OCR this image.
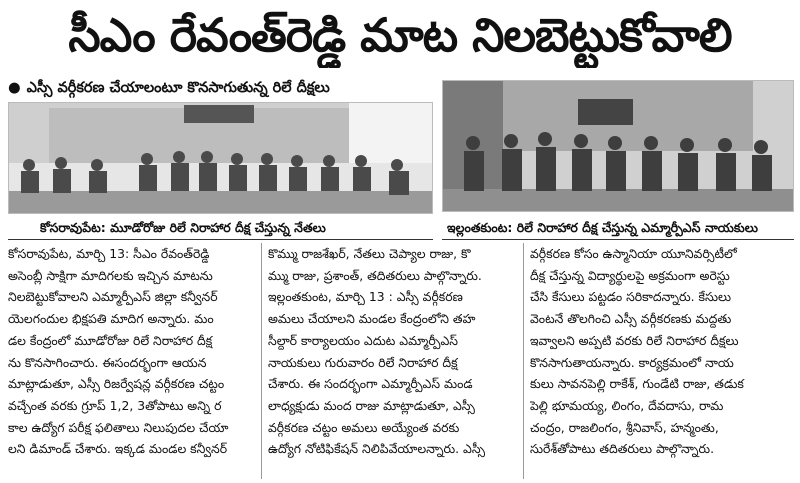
సీఎం రేవంత్‌రెడ్డి మాట నిలబెట్టుకోవాలి
● ఎస్సీ వర్గీకరణ చేయాలంటూ కొనసాగుతున్న రిలే దీక్షలు
కోసరావుపేట: మూడోరోజు రిలే నిరాహార దీక్ష చేస్తున్న నేతలు	ఇల్లంతకుంట: రిలే నిరాహార దీక్ష చేస్తున్న ఎమ్మార్పీఎస్‌ నాయకులు
కోసరావుపేట, మార్చి 13: సీఎం రేవంత్‌రెడ్డి
అసెంబ్లీ సాక్షిగా మాదిగలకు ఇచ్చిన మాటను
నిలబెట్టుకోవాలని ఎమ్మార్పీఎస్‌ జిల్లా కన్వీనర్‌
యెలగందుల భిక్షపతి మాదిగ అన్నారు. మం
డల కేంద్రంలో మూడోరోజు రిలే నిరాహార దీక్ష
ను కొనసాగించారు. ఈసందర్భంగా ఆయన
మాట్లాడుతూ, ఎస్సీ రిజర్వేషన్ల వర్గీకరణ చట్టం
వచ్చేంత వరకు గ్రూప్‌ 1,2, 3తోపాటు అన్ని ర
కాల ఉద్యోగ పరీక్ష ఫలితాలు నిలుపుదల చేయా
లని డిమాండ్‌ చేశారు. ఇక్కడ మండల కన్వీనర్‌
కొమ్ము రాజశేఖర్‌, నేతలు చెప్యాల రాజు, కొ
మ్ము రాజు, ప్రశాంత్‌, తదితరులు పాల్గొన్నారు.
ఇల్లంతకుంట, మార్చి 13 : ఎస్సీ వర్గీకరణ
అమలు చేయాలని మండల కేంద్రంలోని తహ
సీల్దార్‌ కార్యాలయం ఎదుట ఎమ్మార్పీఎస్‌
నాయకులు గురువారం రిలే నిరాహార దీక్ష
చేశారు. ఈ సందర్భంగా ఎమ్మార్పీఎస్‌ మండ
లాధ్యక్షుడు మంద రాజు మాట్లాడుతూ, ఎస్సీ
వర్గీకరణ చట్టం అమలు అయ్యేంత వరకు
ఉద్యోగ నోటిఫికేషన్‌ నిలిపివేయాలన్నారు. ఎస్సీ
వర్గీకరణ కోసం ఉస్మానియా యూనివర్సిటీలో
దీక్ష చేస్తున్న విద్యార్థులపై అక్రమంగా అరెస్టు
చేసి కేసులు పట్టడం సరికాదన్నారు. కేసులు
వెంటనే తొలగించి ఎస్సీ వర్గీకరణకు మద్దతు
ఇవ్వాలని అప్పటి వరకు రిలే నిరాహార దీక్షలు
కొనసాగుతాయన్నారు. కార్యక్రమంలో నాయ
కులు సావనపెల్లి రాకేశ్‌, గుండేటి రాజు, తడుక
పెల్లి భూమయ్య, లింగం, దేవదాసు, రామ
చంద్రం, రాజలింగం, శ్రీనివాస్‌, హన్మంతు,
సురేశ్‌తోపాటు తదితరులు పాల్గొన్నారు.
